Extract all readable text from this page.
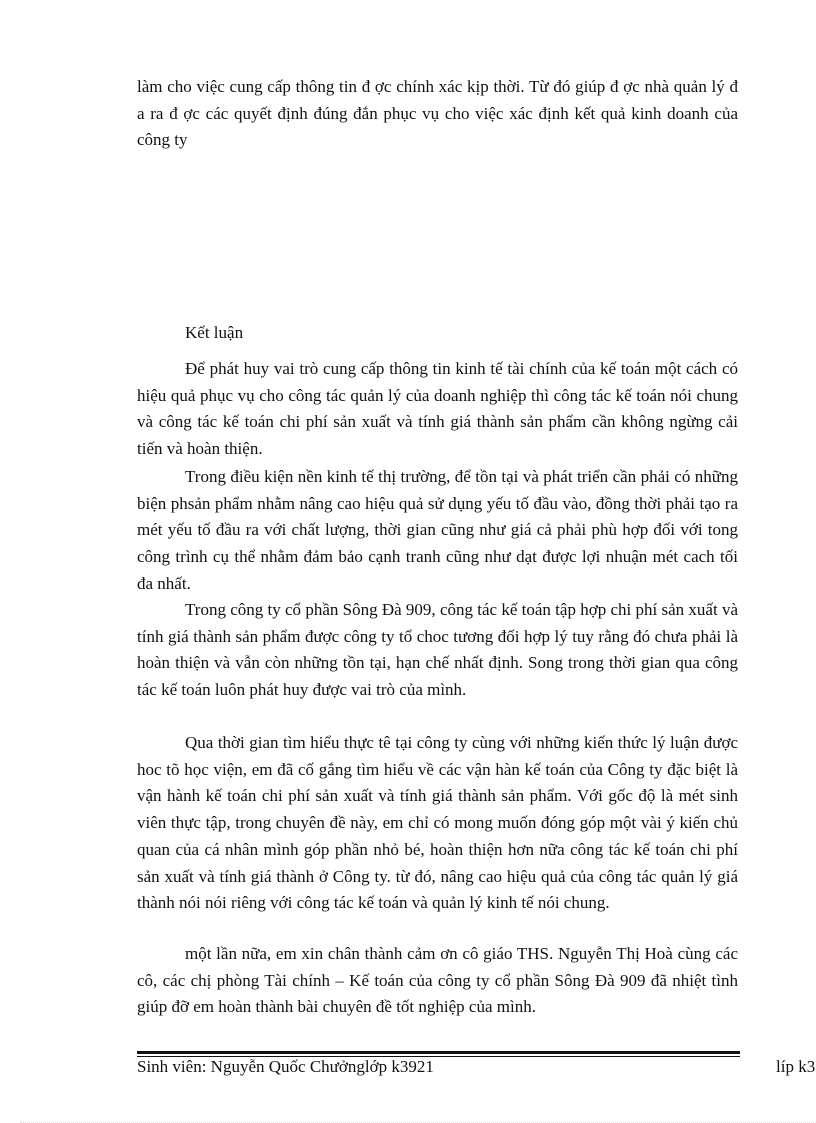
làm cho việc cung cấp thông tin đ ợc chính xác kịp thời. Từ đó giúp đ ợc nhà quản lý đ a ra đ ợc các quyết định đúng đắn phục vụ cho việc xác định kết quả kinh doanh của công ty

Kết luận

Để phát huy vai trò cung cấp thông tin kinh tế tài chính của kế toán một cách có hiệu quả phục vụ cho công tác quản lý của doanh nghiệp thì công tác kế toán nói chung và công tác kế toán chi phí sản xuất và tính giá thành sản phẩm cần không ngừng cải tiến và hoàn thiện.

Trong điều kiện nền kinh tế thị trường, để tồn tại và phát triển cần phải có những biện phsản phẩm nhằm nâng cao hiệu quả sử dụng yếu tố đầu vào, đồng thời phải tạo ra mét yếu tố đầu ra với chất lượng, thời gian cũng như giá cả phải phù hợp đối với tong công trình cụ thể nhằm đảm bảo cạnh tranh cũng như dạt được lợi nhuận mét cach tối đa nhất.

Trong công ty cổ phần Sông Đà 909, công tác kế toán tập hợp chi phí sản xuất và tính giá thành sản phẩm được công ty tổ choc tương đối hợp lý tuy rằng đó chưa phải là hoàn thiện và vẫn còn những tồn tại, hạn chế nhất định. Song trong thời gian qua công tác kế toán luôn phát huy được vai trò của mình.

Qua thời gian tìm hiểu thực tê tại công ty cùng với những kiến thức lý luận được hoc tõ học viện, em đã cố gắng tìm hiểu về các vận hàn kế toán của Công ty đặc biệt là vận hành kế toán chi phí sản xuất và tính giá thành sản phẩm. Với gốc độ là mét sinh viên thực tập, trong chuyên đề này, em chỉ có mong muốn đóng góp một vài ý kiến chủ quan của cá nhân mình góp phần nhỏ bé, hoàn thiện hơn nữa công tác kế toán chi phí sản xuất và tính giá thành ở Công ty. từ đó, nâng cao hiệu quả của công tác quản lý giá thành nói nói riêng với công tác kế toán và quản lý kinh tế nói chung.

một lần nữa, em xin chân thành cảm ơn cô giáo THS. Nguyễn Thị Hoà cùng các cô, các chị phòng Tài chính – Kế toán của công ty cổ phần Sông Đà 909 đã nhiệt tình giúp đỡ em hoàn thành bài chuyên đề tốt nghiệp của mình.

Sinh viên: Nguyễn Quốc Chưởnglớp k3921	líp k3
